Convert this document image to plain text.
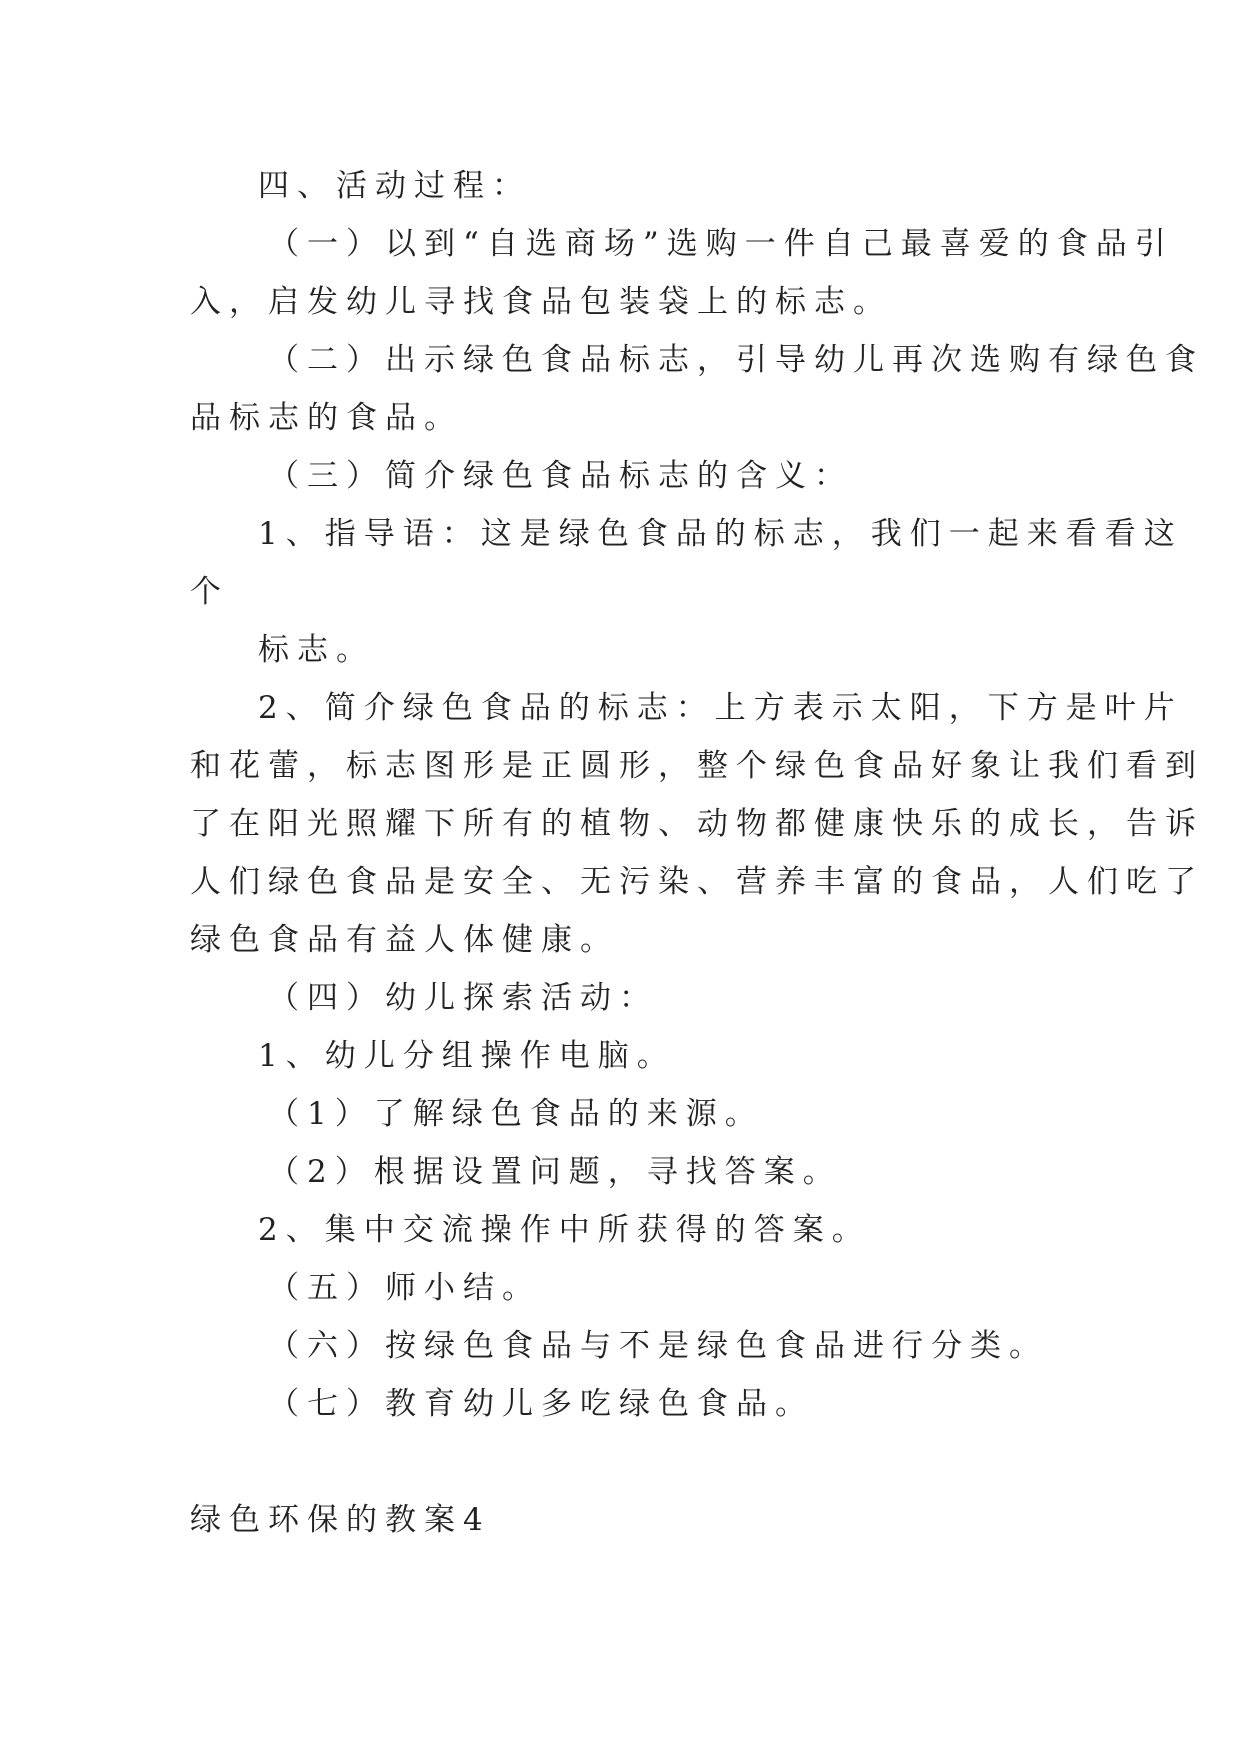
四、活动过程：
（一）以到“自选商场”选购一件自己最喜爱的食品引
入，启发幼儿寻找食品包装袋上的标志。
（二）出示绿色食品标志，引导幼儿再次选购有绿色食
品标志的食品。
（三）简介绿色食品标志的含义：
1、指导语：这是绿色食品的标志，我们一起来看看这
个
标志。
2、简介绿色食品的标志：上方表示太阳，下方是叶片
和花蕾，标志图形是正圆形，整个绿色食品好象让我们看到
了在阳光照耀下所有的植物、动物都健康快乐的成长，告诉
人们绿色食品是安全、无污染、营养丰富的食品，人们吃了
绿色食品有益人体健康。
（四）幼儿探索活动：
1、幼儿分组操作电脑。
（1）了解绿色食品的来源。
（2）根据设置问题，寻找答案。
2、集中交流操作中所获得的答案。
（五）师小结。
（六）按绿色食品与不是绿色食品进行分类。
（七）教育幼儿多吃绿色食品。
绿色环保的教案4
